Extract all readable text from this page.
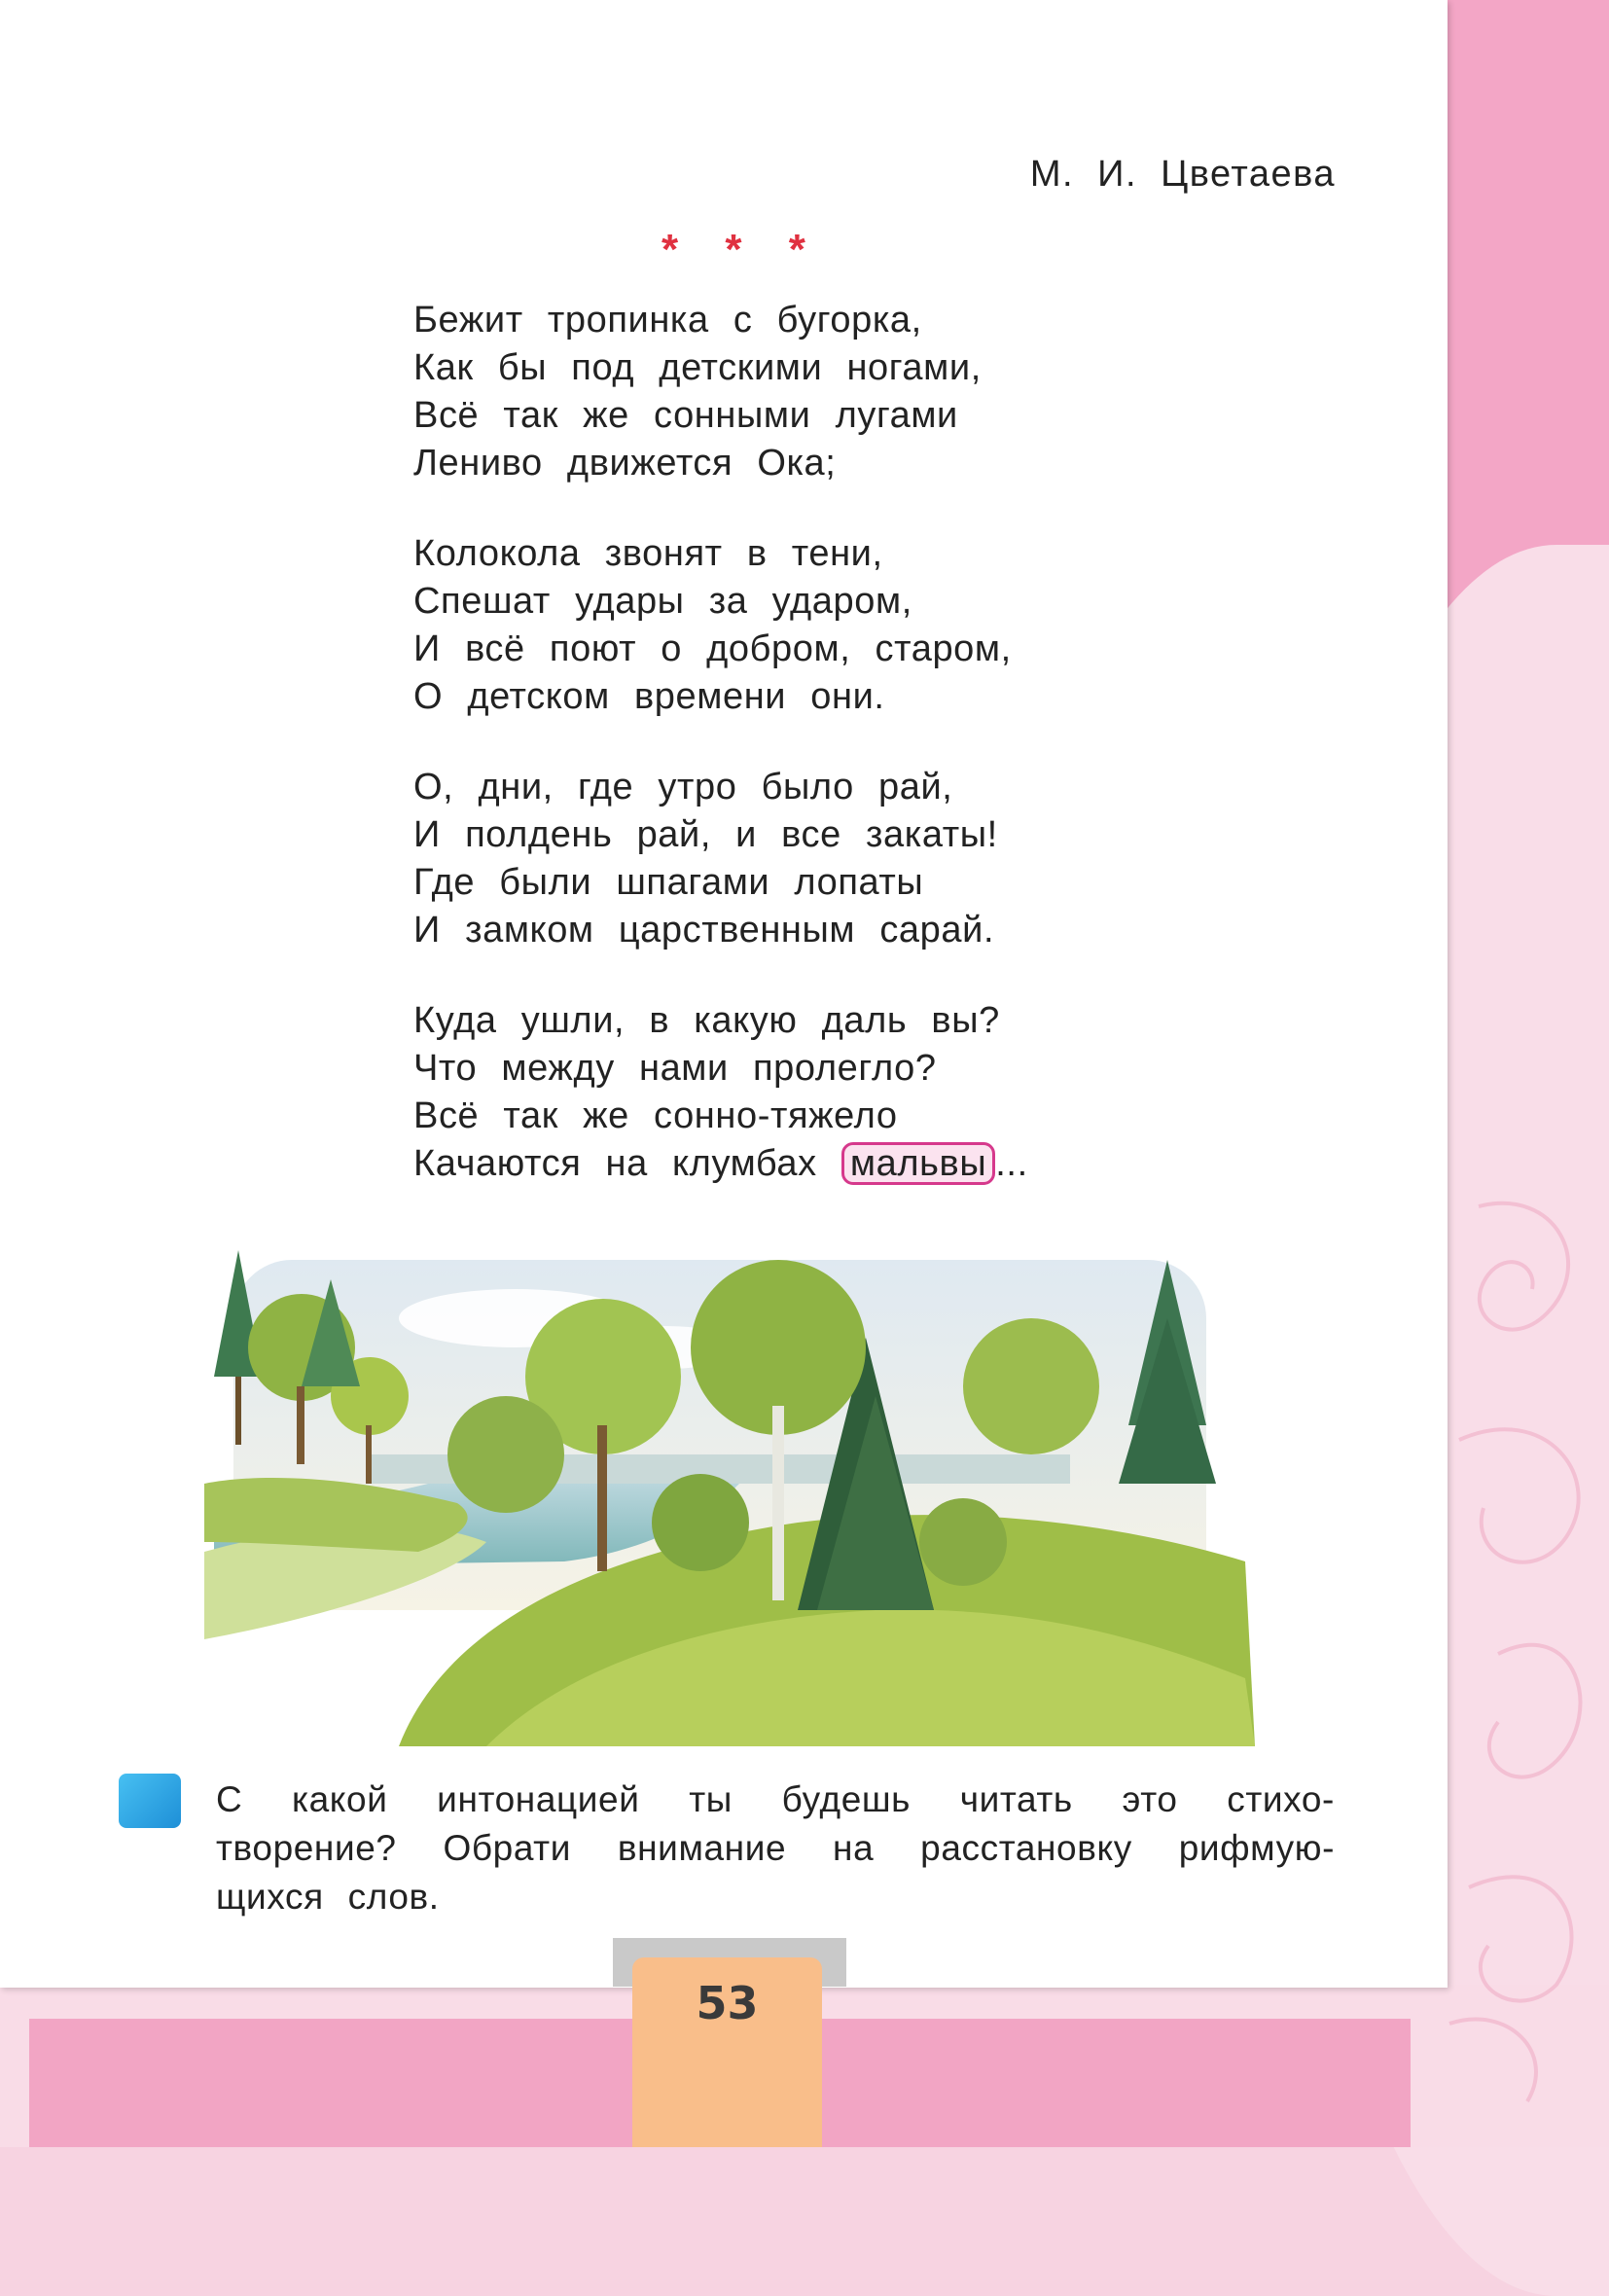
М. И. Цветаева
* * *
Бежит тропинка с бугорка,
Как бы под детскими ногами,
Всё так же сонными лугами
Лениво движется Ока;
Колокола звонят в тени,
Спешат удары за ударом,
И всё поют о добром, старом,
О детском времени они.
О, дни, где утро было рай,
И полдень рай, и все закаты!
Где были шпагами лопаты
И замком царственным сарай.
Куда ушли, в какую даль вы?
Что между нами пролегло?
Всё так же сонно-тяжело
Качаются на клумбах мальвы ...
С какой интонацией ты будешь читать это стихо-
творение? Обрати внимание на расстановку рифмую-
щихся слов.
53
